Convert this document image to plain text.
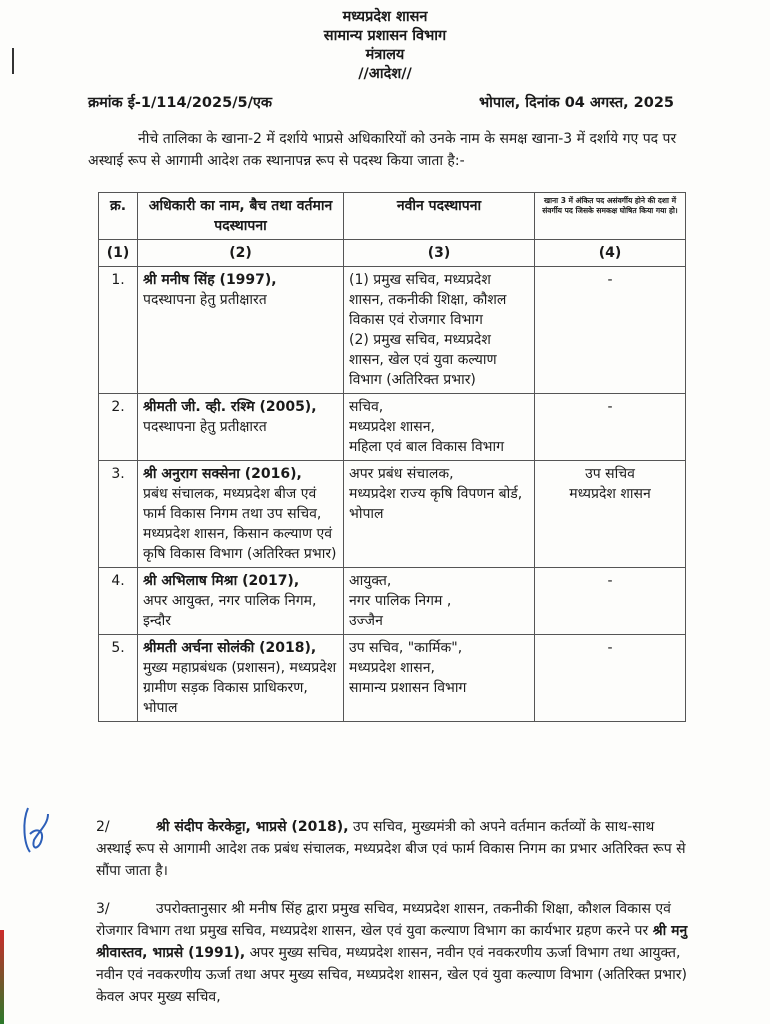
मध्यप्रदेश शासन
सामान्य प्रशासन विभाग
मंत्रालय
//आदेश//
क्रमांक ई-1/114/2025/5/एक	भोपाल, दिनांक 04 अगस्त, 2025
नीचे तालिका के खाना-2 में दर्शाये भाप्रसे अधिकारियों को उनके नाम के समक्ष खाना-3 में दर्शाये गए पद पर अस्थाई रूप से आगामी आदेश तक स्थानापन्न रूप से पदस्थ किया जाता है:-
क्र.	अधिकारी का नाम, बैच तथा वर्तमान पदस्थापना	नवीन पदस्थापना	खाना 3 में अंकित पद असंवर्गीय होने की दशा में संवर्गीय पद जिसके समकक्ष घोषित किया गया हो।
(1)	(2)	(3)	(4)
1.	श्री मनीष सिंह (1997),
पदस्थापना हेतु प्रतीक्षारत	(1) प्रमुख सचिव, मध्यप्रदेश शासन, तकनीकी शिक्षा, कौशल विकास एवं रोजगार विभाग
(2) प्रमुख सचिव, मध्यप्रदेश शासन, खेल एवं युवा कल्याण विभाग (अतिरिक्त प्रभार)	-
2.	श्रीमती जी. व्ही. रश्मि (2005),
पदस्थापना हेतु प्रतीक्षारत	सचिव,
मध्यप्रदेश शासन,
महिला एवं बाल विकास विभाग	-
3.	श्री अनुराग सक्सेना (2016),
प्रबंध संचालक, मध्यप्रदेश बीज एवं फार्म विकास निगम तथा उप सचिव, मध्यप्रदेश शासन, किसान कल्याण एवं कृषि विकास विभाग (अतिरिक्त प्रभार)	अपर प्रबंध संचालक,
मध्यप्रदेश राज्य कृषि विपणन बोर्ड, भोपाल	उप सचिव
मध्यप्रदेश शासन
4.	श्री अभिलाष मिश्रा (2017),
अपर आयुक्त, नगर पालिक निगम, इन्दौर	आयुक्त,
नगर पालिक निगम ,
उज्जैन	-
5.	श्रीमती अर्चना सोलंकी (2018),
मुख्य महाप्रबंधक (प्रशासन), मध्यप्रदेश ग्रामीण सड़क विकास प्राधिकरण, भोपाल	उप सचिव, "कार्मिक",
मध्यप्रदेश शासन,
सामान्य प्रशासन विभाग	-
2/	श्री संदीप केरकेट्टा, भाप्रसे (2018), उप सचिव, मुख्यमंत्री को अपने वर्तमान कर्तव्यों के साथ-साथ अस्थाई रूप से आगामी आदेश तक प्रबंध संचालक, मध्यप्रदेश बीज एवं फार्म विकास निगम का प्रभार अतिरिक्त रूप से सौंपा जाता है।
3/	उपरोक्तानुसार श्री मनीष सिंह द्वारा प्रमुख सचिव, मध्यप्रदेश शासन, तकनीकी शिक्षा, कौशल विकास एवं रोजगार विभाग तथा प्रमुख सचिव, मध्यप्रदेश शासन, खेल एवं युवा कल्याण विभाग का कार्यभार ग्रहण करने पर श्री मनु श्रीवास्तव, भाप्रसे (1991), अपर मुख्य सचिव, मध्यप्रदेश शासन, नवीन एवं नवकरणीय ऊर्जा विभाग तथा आयुक्त, नवीन एवं नवकरणीय ऊर्जा तथा अपर मुख्य सचिव, मध्यप्रदेश शासन, खेल एवं युवा कल्याण विभाग (अतिरिक्त प्रभार) केवल अपर मुख्य सचिव,
